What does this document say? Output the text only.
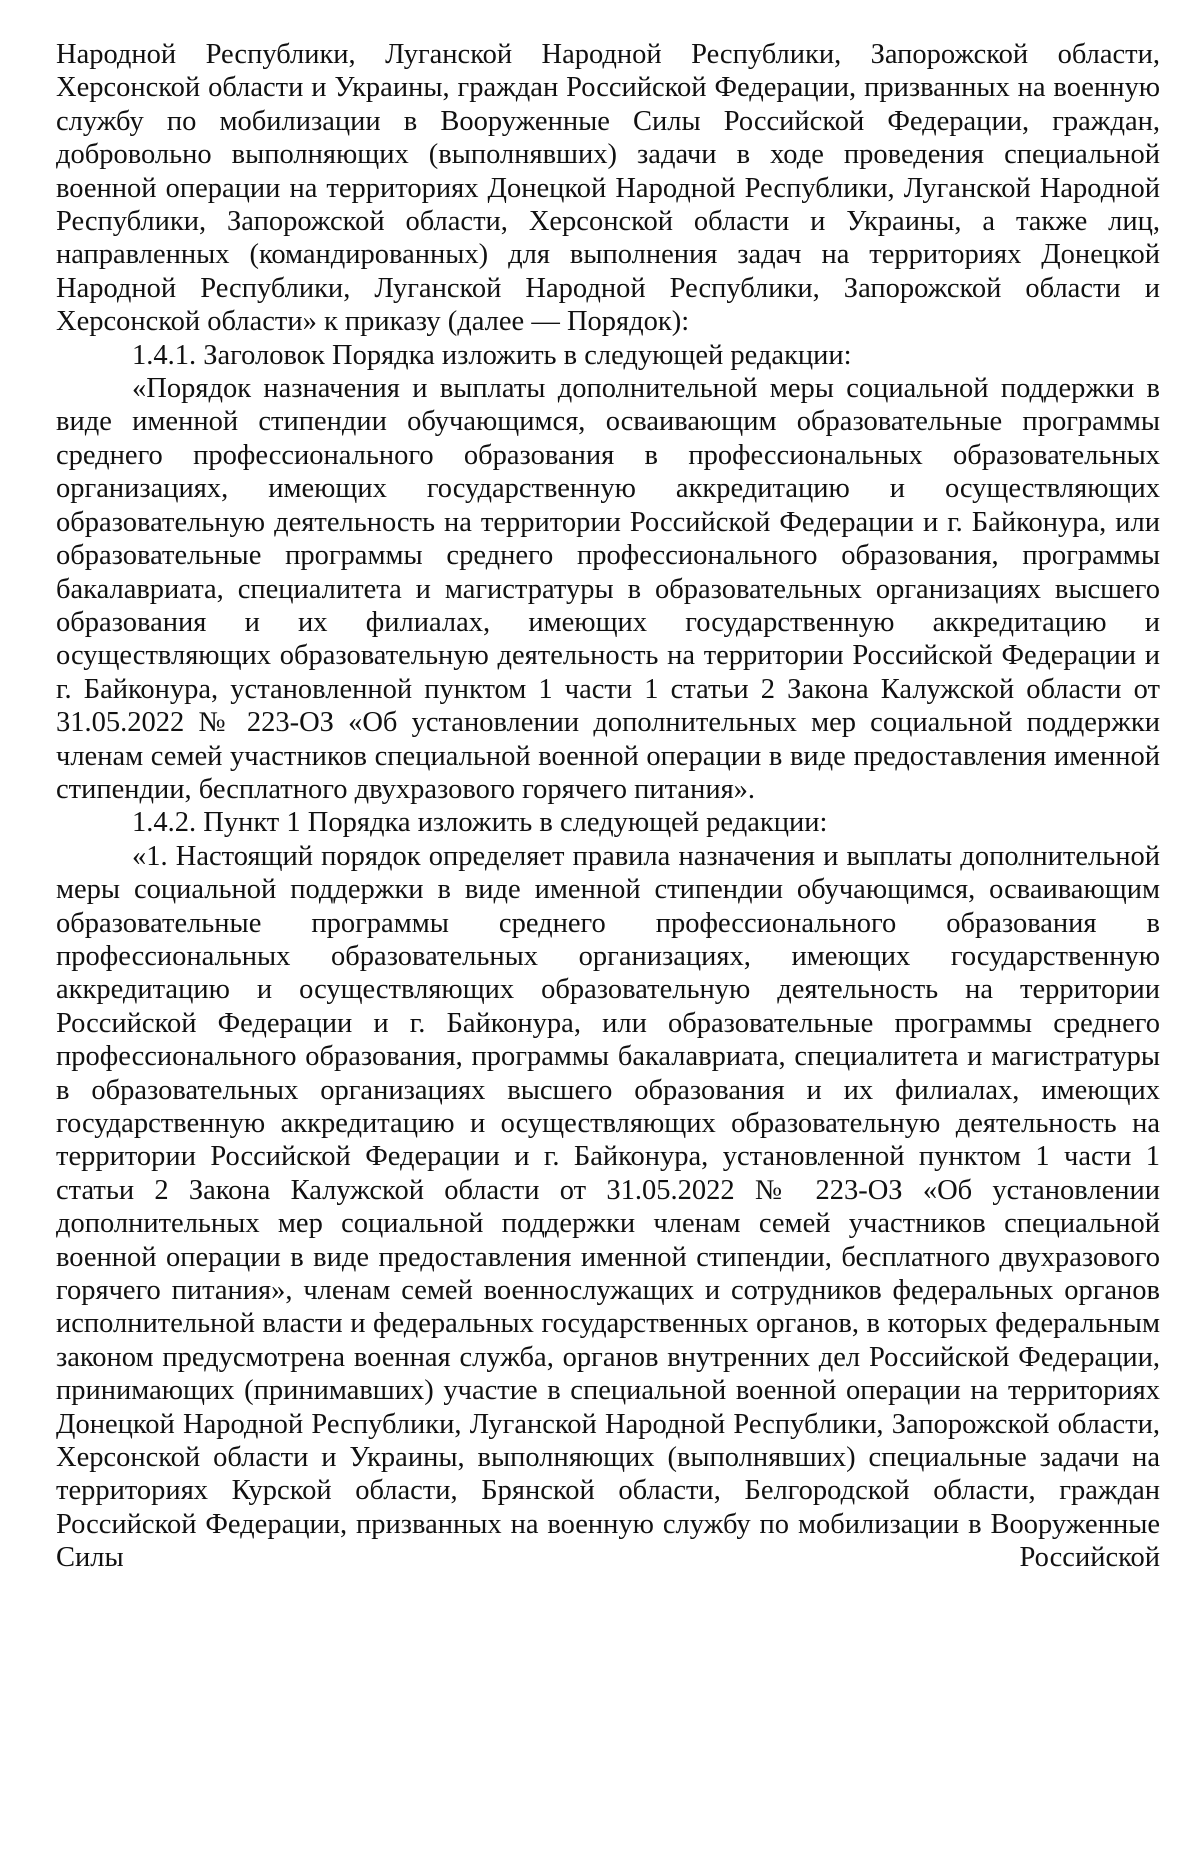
Народной Республики, Луганской Народной Республики, Запорожской области, Херсонской области и Украины, граждан Российской Федерации, призванных на военную службу по мобилизации в Вооруженные Силы Российской Федерации, граждан, добровольно выполняющих (выполнявших) задачи в ходе проведения специальной военной операции на территориях Донецкой Народной Республики, Луганской Народной Республики, Запорожской области, Херсонской области и Украины, а также лиц, направленных (командированных) для выполнения задач на территориях Донецкой Народной Республики, Луганской Народной Республики, Запорожской области и Херсонской области» к приказу (далее — Порядок):

1.4.1. Заголовок Порядка изложить в следующей редакции:

«Порядок назначения и выплаты дополнительной меры социальной поддержки в виде именной стипендии обучающимся, осваивающим образовательные программы среднего профессионального образования в профессиональных образовательных организациях, имеющих государственную аккредитацию и осуществляющих образовательную деятельность на территории Российской Федерации и г. Байконура, или образовательные программы среднего профессионального образования, программы бакалавриата, специалитета и магистратуры в образовательных организациях высшего образования и их филиалах, имеющих государственную аккредитацию и осуществляющих образовательную деятельность на территории Российской Федерации и г. Байконура, установленной пунктом 1 части 1 статьи 2 Закона Калужской области от 31.05.2022 № 223-ОЗ «Об установлении дополнительных мер социальной поддержки членам семей участников специальной военной операции в виде предоставления именной стипендии, бесплатного двухразового горячего питания».

1.4.2. Пункт 1 Порядка изложить в следующей редакции:

«1. Настоящий порядок определяет правила назначения и выплаты дополнительной меры социальной поддержки в виде именной стипендии обучающимся, осваивающим образовательные программы среднего профессионального образования в профессиональных образовательных организациях, имеющих государственную аккредитацию и осуществляющих образовательную деятельность на территории Российской Федерации и г. Байконура, или образовательные программы среднего профессионального образования, программы бакалавриата, специалитета и магистратуры в образовательных организациях высшего образования и их филиалах, имеющих государственную аккредитацию и осуществляющих образовательную деятельность на территории Российской Федерации и г. Байконура, установленной пунктом 1 части 1 статьи 2 Закона Калужской области от 31.05.2022 № 223-ОЗ «Об установлении дополнительных мер социальной поддержки членам семей участников специальной военной операции в виде предоставления именной стипендии, бесплатного двухразового горячего питания», членам семей военнослужащих и сотрудников федеральных органов исполнительной власти и федеральных государственных органов, в которых федеральным законом предусмотрена военная служба, органов внутренних дел Российской Федерации, принимающих (принимавших) участие в специальной военной операции на территориях Донецкой Народной Республики, Луганской Народной Республики, Запорожской области, Херсонской области и Украины, выполняющих (выполнявших) специальные задачи на территориях Курской области, Брянской области, Белгородской области, граждан Российской Федерации, призванных на военную службу по мобилизации в Вооруженные Силы Российской
